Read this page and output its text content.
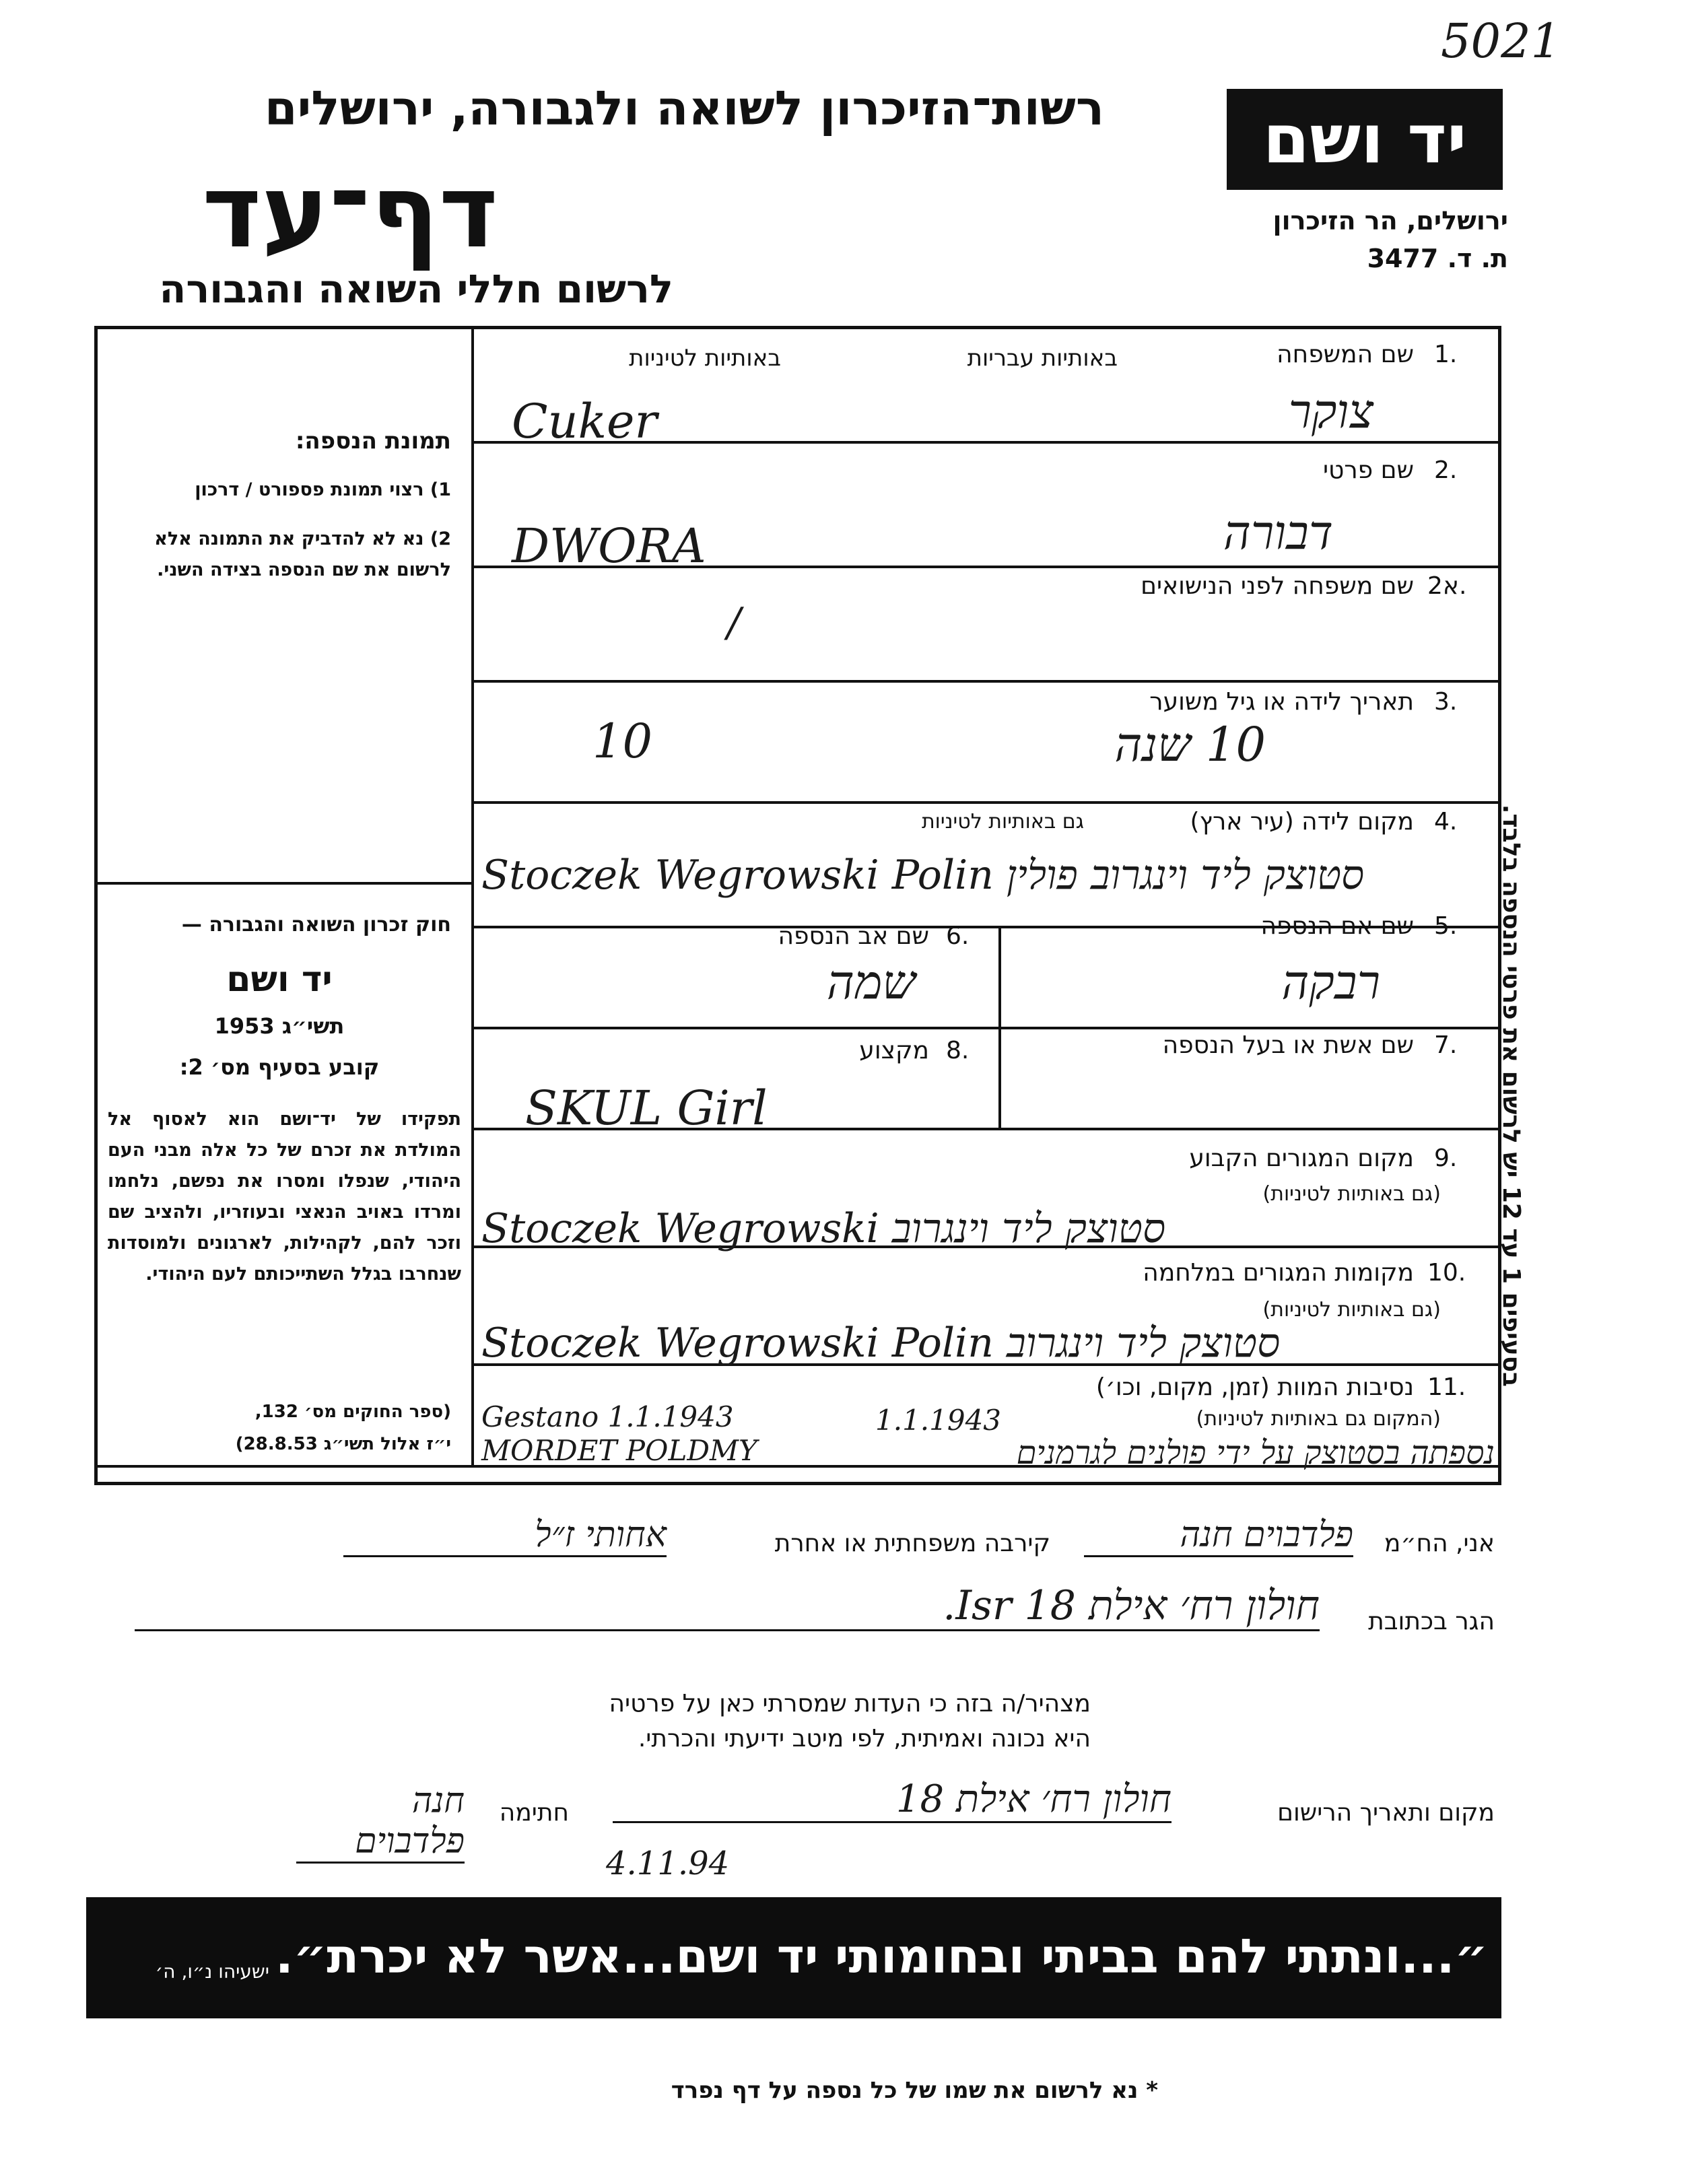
5021
רשות־הזיכרון לשואה ולגבורה, ירושלים
דף־עד
לרשום חללי השואה והגבורה
יד ושם
ירושלים, הר הזיכרון
ת. ד. 3477
תמונת הנספה:
1) רצוי תמונת פספורט / דרכון
2) נא לא להדביק את התמונה אלא לרשום את שם הנספה בצידה השני.
חוק זכרון השואה והגבורה —
יד ושם
תשי״ג 1953
קובע בסעיף מס׳ 2:
תפקידו של יד־ושם הוא לאסוף אל המולדת את זכרם של כל אלה מבני העם היהודי, שנפלו ומסרו את נפשם, נלחמו ומרדו באויב הנאצי ובעוזריו, ולהציב שם וזכר להם, לקהילות, לארגונים ולמוסדות שנחרבו בגלל השתייכותם לעם היהודי.
(ספר החוקים מס׳ 132,
י״ז אלול תשי״ג 28.8.53)
באותיות לטיניות	באותיות עבריות	שם המשפחה 1.
Cuker	צוקר
שם פרטי 2.
DWORA	דבורה
שם משפחה לפני הנישואים 2א.
/
תאריך לידה או גיל משוער 3.
10	10 שנה
מקום לידה (עיר ארץ) 4.
גם באותיות לטיניות
Stoczek Wegrowski Polin סטוצק ליד וינגרוב פולין
שם אם הנספה 5.
רבקה
שם אב הנספה 6.
שמה
שם אשת או בעל הנספה 7.
מקצוע 8.
SKUL Girl
מקום המגורים הקבוע 9.
(גם באותיות לטיניות)
Stoczek Wegrowski סטוצק ליד וינגרוב
מקומות המגורים במלחמה 10.
(גם באותיות לטיניות)
Stoczek Wegrowski Polin סטוצק ליד וינגרוב
נסיבות המוות (זמן, מקום, וכו׳) 11.
(המקום גם באותיות לטיניות)
Gestano 1.1.1943 MORDET POLDMY
1.1.1943
נספתה בסטוצק על ידי פולנים לגרמנים
בסעיפים 1 עד 12 יש לרשום את פרטי הנספה בלבד.
אני, הח״מ
פלדבוים חנה
קירבה משפחתית או אחרת
אחותי ז״ל
הגר בכתובת
חולון רח׳ אילת 18 Isr.
מצהיר/ה בזה כי העדות שמסרתי כאן על פרטיה
היא נכונה ואמיתית, לפי מיטב ידיעתי והכרתי.
מקום ותאריך הרישום
חולון רח׳ אילת 18
4.11.94
חתימה
חנה פלדבוים
״...ונתתי להם בביתי ובחומותי יד ושם...אשר לא יכרת״.
ישעיהו נ״ו, ה׳
* נא לרשום את שמו של כל נספה על דף נפרד
